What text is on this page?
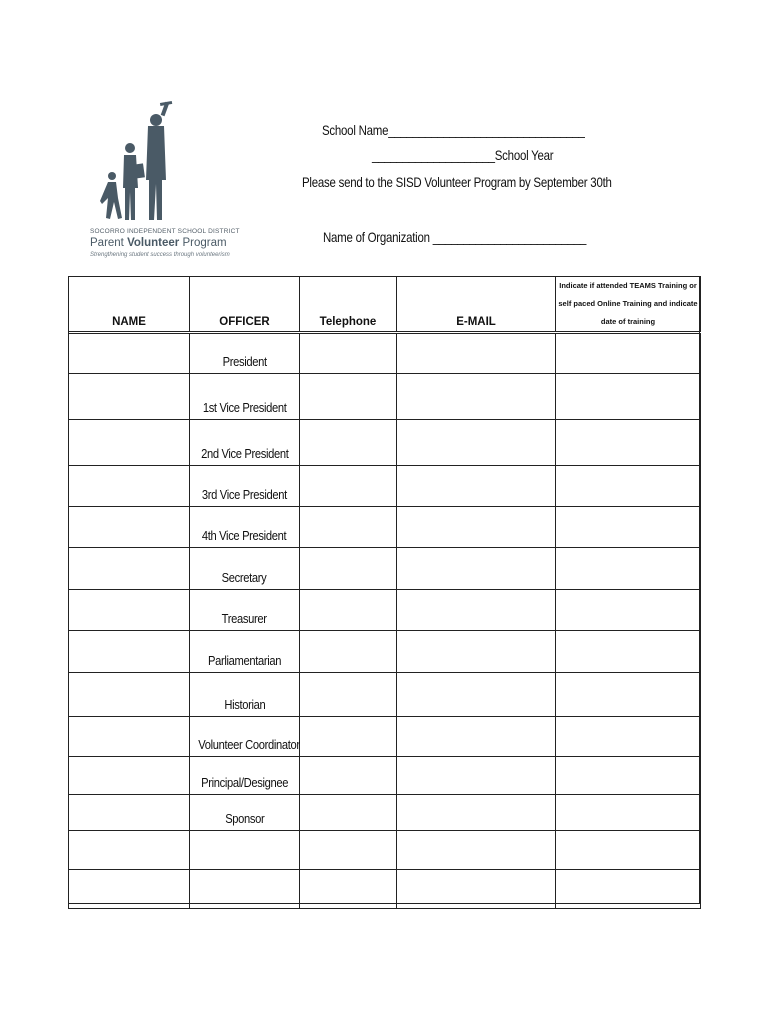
SOCORRO INDEPENDENT SCHOOL DISTRICT
Parent Volunteer Program
Strengthening student success through volunteerism
School Name________________________________
____________________School Year
Please send to the SISD Volunteer Program by September 30th
Name of Organization _________________________
NAME	OFFICER	Telephone	E-MAIL	Indicate if attended TEAMS Training or self paced Online Training and indicate date of training
	President			
	1st Vice President			
	2nd Vice President			
	3rd Vice President			
	4th Vice President			
	Secretary			
	Treasurer			
	Parliamentarian			
	Historian			
	Volunteer Coordinator			
	Principal/Designee			
	Sponsor			
